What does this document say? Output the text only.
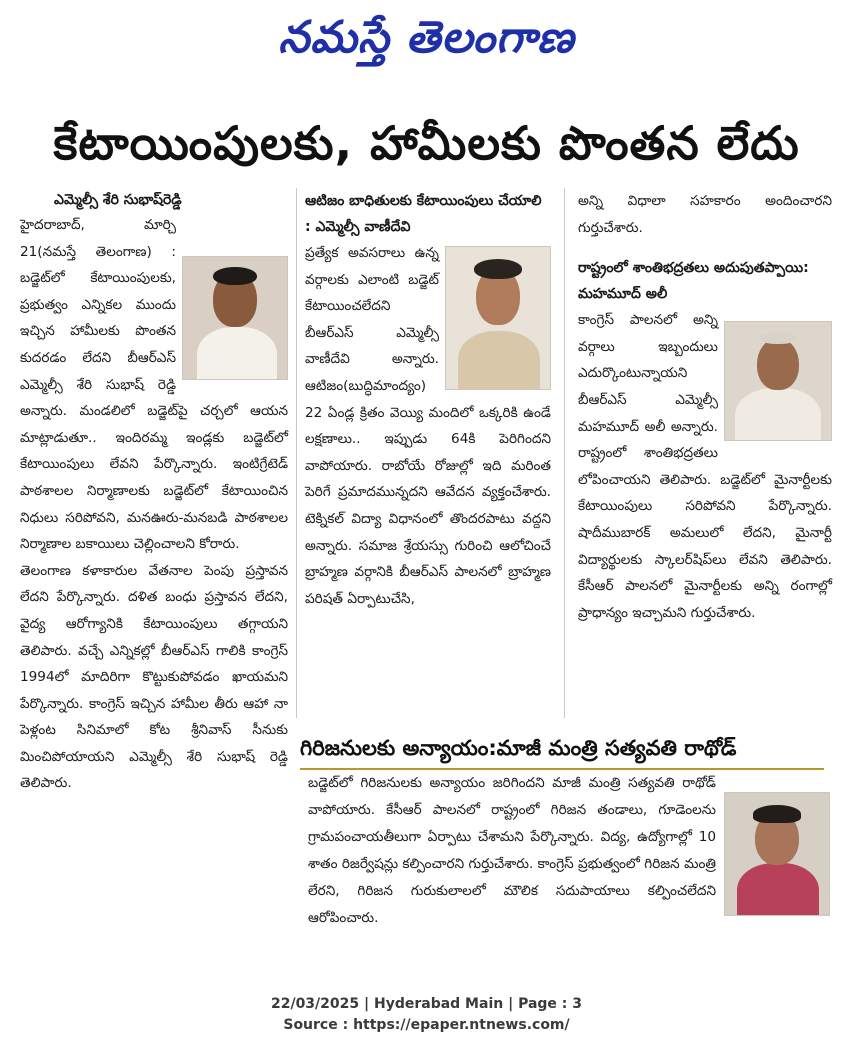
నమస్తే తెలంగాణ
కేటాయింపులకు, హామీలకు పొంతన లేదు
ఎమ్మెల్సీ శేరి సుభాష్‌రెడ్డి

హైదరాబాద్‌, మార్చి 21(నమస్తే తెలంగాణ) : బడ్జెట్‌లో కేటాయింపులకు, ప్రభుత్వం ఎన్నికల ముందు ఇచ్చిన హామీలకు పొంతన కుదరడం లేదని బీఆర్‌ఎస్‌ ఎమ్మెల్సీ శేరి సుభాష్‌ రెడ్డి అన్నారు. మండలిలో బడ్జెట్‌పై చర్చలో ఆయన మాట్లాడుతూ.. ఇందిరమ్మ ఇండ్లకు బడ్జెట్‌లో కేటాయింపులు లేవని పేర్కొన్నారు. ఇంటిగ్రేటెడ్‌ పాఠశాలల నిర్మాణాలకు బడ్జెట్‌లో కేటాయించిన నిధులు సరిపోవని, మనఊరు-మనబడి పాఠశాలల నిర్మాణాల బకాయిలు చెల్లించాలని కోరారు.

తెలంగాణ కళాకారుల వేతనాల పెంపు ప్రస్తావన లేదని పేర్కొన్నారు. దళిత బంధు ప్రస్తావన లేదని, వైద్య ఆరోగ్యానికి కేటాయింపులు తగ్గాయని తెలిపారు. వచ్చే ఎన్నికల్లో బీఆర్‌ఎస్‌ గాలికి కాంగ్రెస్‌ 1994లో మాదిరిగా కొట్టుకుపోవడం ఖాయమని పేర్కొన్నారు. కాంగ్రెస్‌ ఇచ్చిన హామీల తీరు ఆహా నా పెళ్లంట సినిమాలో కోట శ్రీనివాస్‌ సీనుకు మించిపోయాయని ఎమ్మెల్సీ శేరి సుభాష్‌ రెడ్డి తెలిపారు.

ఆటిజం బాధితులకు కేటాయింపులు చేయాలి : ఎమ్మెల్సీ వాణీదేవి

ప్రత్యేక అవసరాలు ఉన్న వర్గాలకు ఎలాంటి బడ్జెట్‌ కేటాయించలేదని బీఆర్‌ఎస్‌ ఎమ్మెల్సీ వాణీదేవి అన్నారు. ఆటిజం(బుద్ధిమాంద్యం) 22 ఏండ్ల క్రితం వెయ్యి మందిలో ఒక్కరికి ఉండే లక్షణాలు.. ఇప్పుడు 64కి పెరిగిందని వాపోయారు. రాబోయే రోజుల్లో ఇది మరింత పెరిగే ప్రమాదమున్నదని ఆవేదన వ్యక్తంచేశారు. టెక్నికల్‌ విద్యా విధానంలో తొందరపాటు వద్దని అన్నారు. సమాజ శ్రేయస్సు గురించి ఆలోచించే బ్రాహ్మణ వర్గానికి బీఆర్‌ఎస్‌ పాలనలో బ్రాహ్మణ పరిషత్‌ ఏర్పాటుచేసి,

అన్ని విధాలా సహకారం అందించారని గుర్తుచేశారు.

రాష్ట్రంలో శాంతిభద్రతలు అదుపుతప్పాయి: మహమూద్‌ అలీ

కాంగ్రెస్‌ పాలనలో అన్ని వర్గాలు ఇబ్బందులు ఎదుర్కొంటున్నాయని బీఆర్‌ఎస్‌ ఎమ్మెల్సీ మహమూద్‌ అలీ అన్నారు. రాష్ట్రంలో శాంతిభద్రతలు లోపించాయని తెలిపారు. బడ్జెట్‌లో మైనార్టీలకు కేటాయింపులు సరిపోవని పేర్కొన్నారు. షాదీముబారక్‌ అమలులో లేదని, మైనార్టీ విద్యార్థులకు స్కాలర్‌షిప్‌లు లేవని తెలిపారు. కేసీఆర్‌ పాలనలో మైనార్టీలకు అన్ని రంగాల్లో ప్రాధాన్యం ఇచ్చామని గుర్తుచేశారు.

గిరిజనులకు అన్యాయం:మాజీ మంత్రి సత్యవతి రాథోడ్‌

బడ్జెట్‌లో గిరిజనులకు అన్యాయం జరిగిందని మాజీ మంత్రి సత్యవతి రాథోడ్‌ వాపోయారు. కేసీఆర్‌ పాలనలో రాష్ట్రంలో గిరిజన తండాలు, గూడెంలను గ్రామపంచాయతీలుగా ఏర్పాటు చేశామని పేర్కొన్నారు. విద్య, ఉద్యోగాల్లో 10 శాతం రిజర్వేషన్లు కల్పించారని గుర్తుచేశారు. కాంగ్రెస్‌ ప్రభుత్వంలో గిరిజన మంత్రి లేరని, గిరిజన గురుకులాలలో మౌలిక సదుపాయాలు కల్పించలేదని ఆరోపించారు.

22/03/2025 | Hyderabad Main | Page : 3
Source : https://epaper.ntnews.com/
